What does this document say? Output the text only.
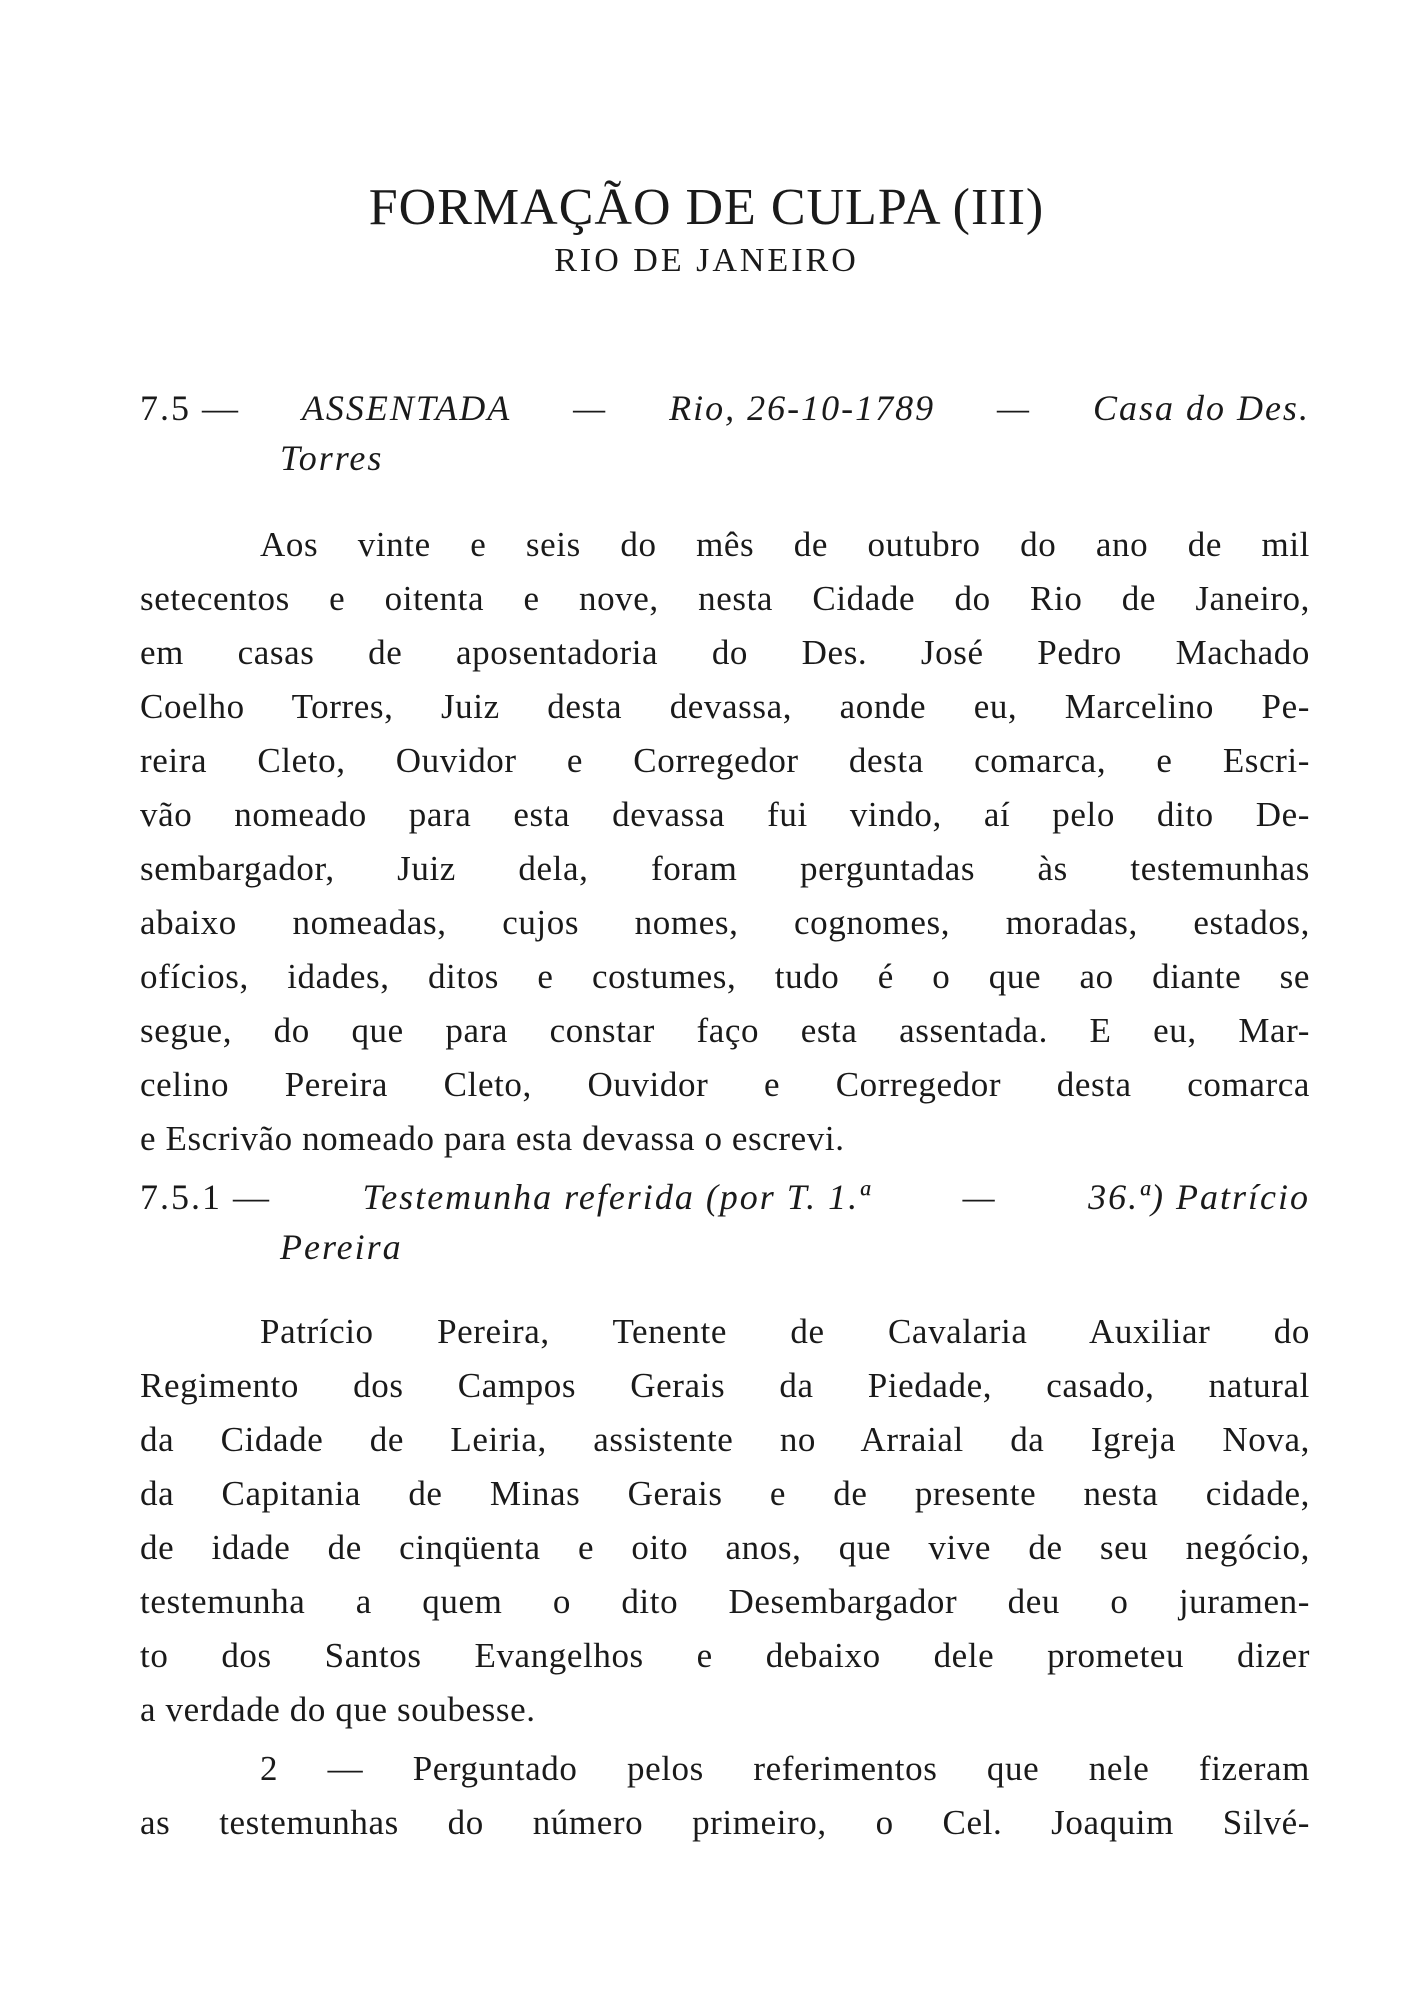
FORMAÇÃO DE CULPA (III)
RIO DE JANEIRO
7.5 — ASSENTADA — Rio, 26-10-1789 — Casa do Des.
Torres
Aos vinte e seis do mês de outubro do ano de mil
setecentos e oitenta e nove, nesta Cidade do Rio de Janeiro,
em casas de aposentadoria do Des. José Pedro Machado
Coelho Torres, Juiz desta devassa, aonde eu, Marcelino Pe-
reira Cleto, Ouvidor e Corregedor desta comarca, e Escri-
vão nomeado para esta devassa fui vindo, aí pelo dito De-
sembargador, Juiz dela, foram perguntadas às testemunhas
abaixo nomeadas, cujos nomes, cognomes, moradas, estados,
ofícios, idades, ditos e costumes, tudo é o que ao diante se
segue, do que para constar faço esta assentada. E eu, Mar-
celino Pereira Cleto, Ouvidor e Corregedor desta comarca
e Escrivão nomeado para esta devassa o escrevi.
7.5.1 —	Testemunha referida (por T. 1.ª	—	36.ª) Patrício
Pereira
Patrício Pereira, Tenente de Cavalaria Auxiliar do
Regimento dos Campos Gerais da Piedade, casado, natural
da Cidade de Leiria, assistente no Arraial da Igreja Nova,
da Capitania de Minas Gerais e de presente nesta cidade,
de idade de cinqüenta e oito anos, que vive de seu negócio,
testemunha a quem o dito Desembargador deu o juramen-
to dos Santos Evangelhos e debaixo dele prometeu dizer
a verdade do que soubesse.
2 — Perguntado pelos referimentos que nele fizeram
as testemunhas do número primeiro, o Cel. Joaquim Silvé-
